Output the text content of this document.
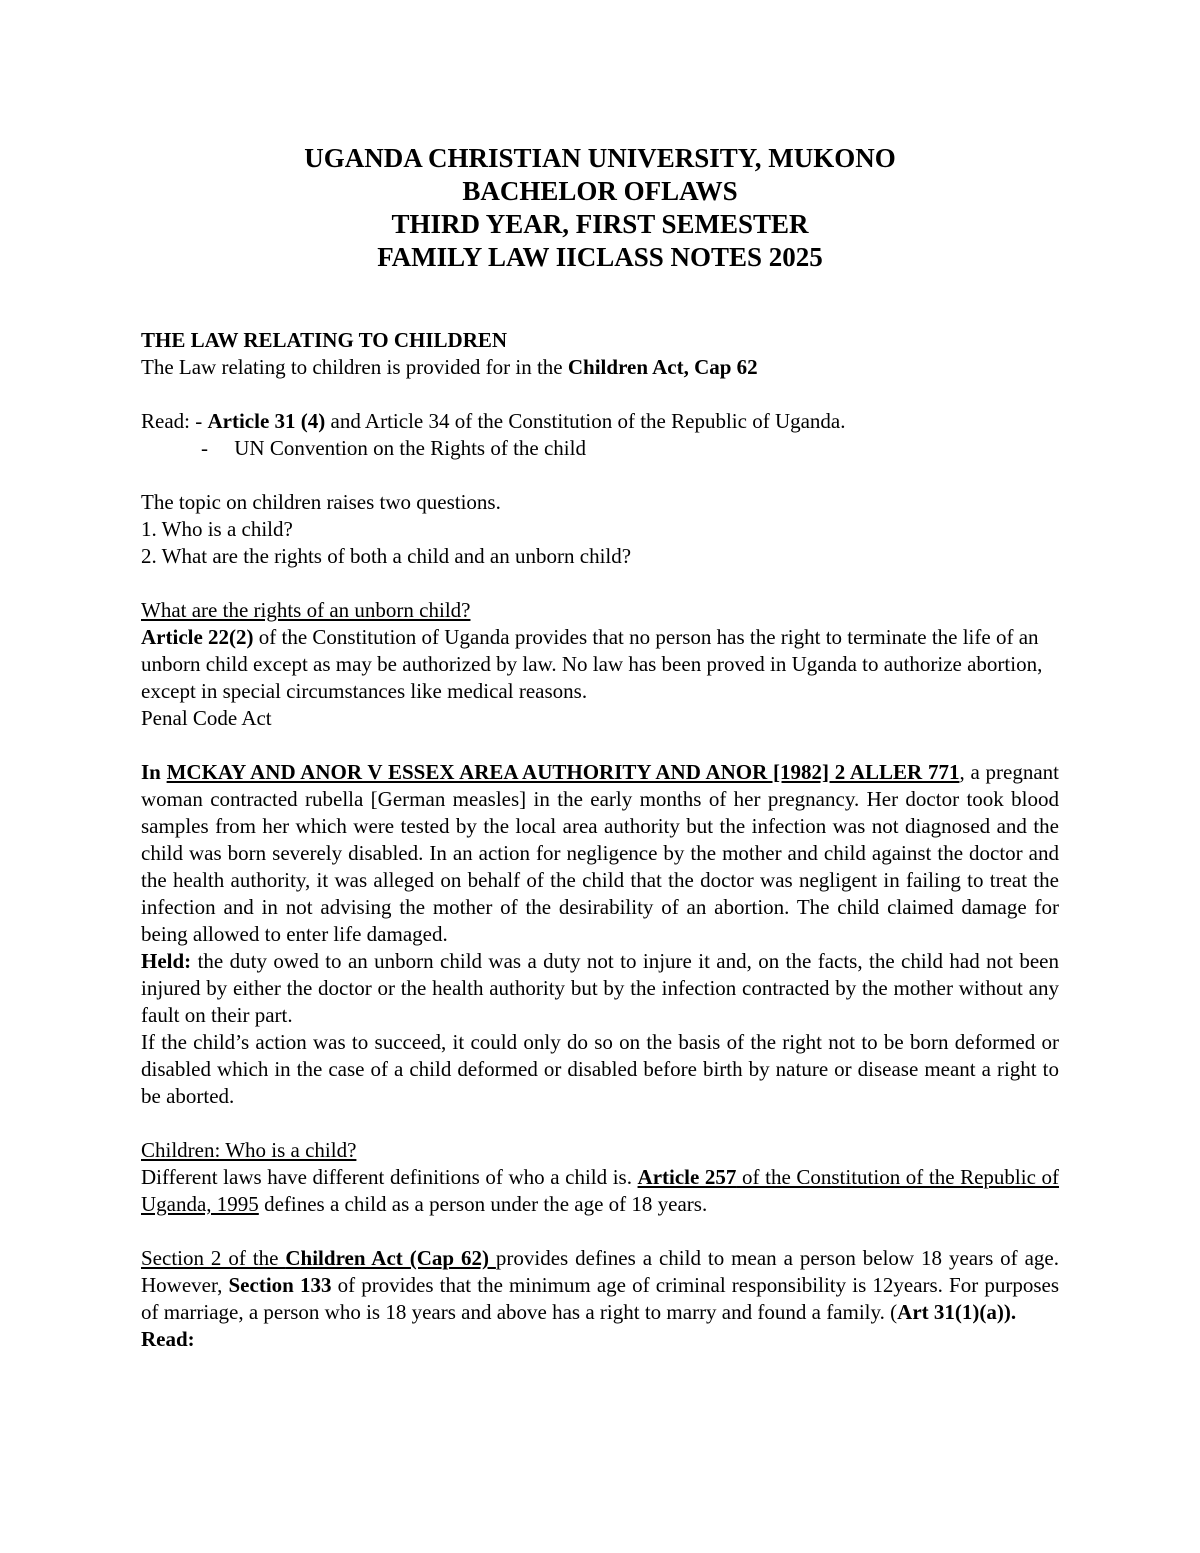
UGANDA CHRISTIAN UNIVERSITY, MUKONO
BACHELOR OFLAWS
THIRD YEAR, FIRST SEMESTER
FAMILY LAW IICLASS NOTES 2025

THE LAW RELATING TO CHILDREN

The Law relating to children is provided for in the Children Act, Cap 62

Read: - Article 31 (4) and Article 34 of the Constitution of the Republic of Uganda.

-     UN Convention on the Rights of the child

The topic on children raises two questions.

1. Who is a child?

2. What are the rights of both a child and an unborn child?

What are the rights of an unborn child?

Article 22(2) of the Constitution of Uganda provides that no person has the right to terminate the life of an unborn child except as may be authorized by law. No law has been proved in Uganda to authorize abortion, except in special circumstances like medical reasons.

Penal Code Act

In MCKAY AND ANOR V ESSEX AREA AUTHORITY AND ANOR [1982] 2 ALLER 771, a pregnant woman contracted rubella [German measles] in the early months of her pregnancy. Her doctor took blood samples from her which were tested by the local area authority but the infection was not diagnosed and the child was born severely disabled. In an action for negligence by the mother and child against the doctor and the health authority, it was alleged on behalf of the child that the doctor was negligent in failing to treat the infection and in not advising the mother of the desirability of an abortion. The child claimed damage for being allowed to enter life damaged.

Held: the duty owed to an unborn child was a duty not to injure it and, on the facts, the child had not been injured by either the doctor or the health authority but by the infection contracted by the mother without any fault on their part.

If the child’s action was to succeed, it could only do so on the basis of the right not to be born deformed or disabled which in the case of a child deformed or disabled before birth by nature or disease meant a right to be aborted.

Children: Who is a child?

Different laws have different definitions of who a child is. Article 257 of the Constitution of the Republic of Uganda, 1995 defines a child as a person under the age of 18 years.

Section 2 of the Children Act (Cap 62) provides defines a child to mean a person below 18 years of age. However, Section 133 of provides that the minimum age of criminal responsibility is 12years. For purposes of marriage, a person who is 18 years and above has a right to marry and found a family. (Art 31(1)(a)).

Read:
